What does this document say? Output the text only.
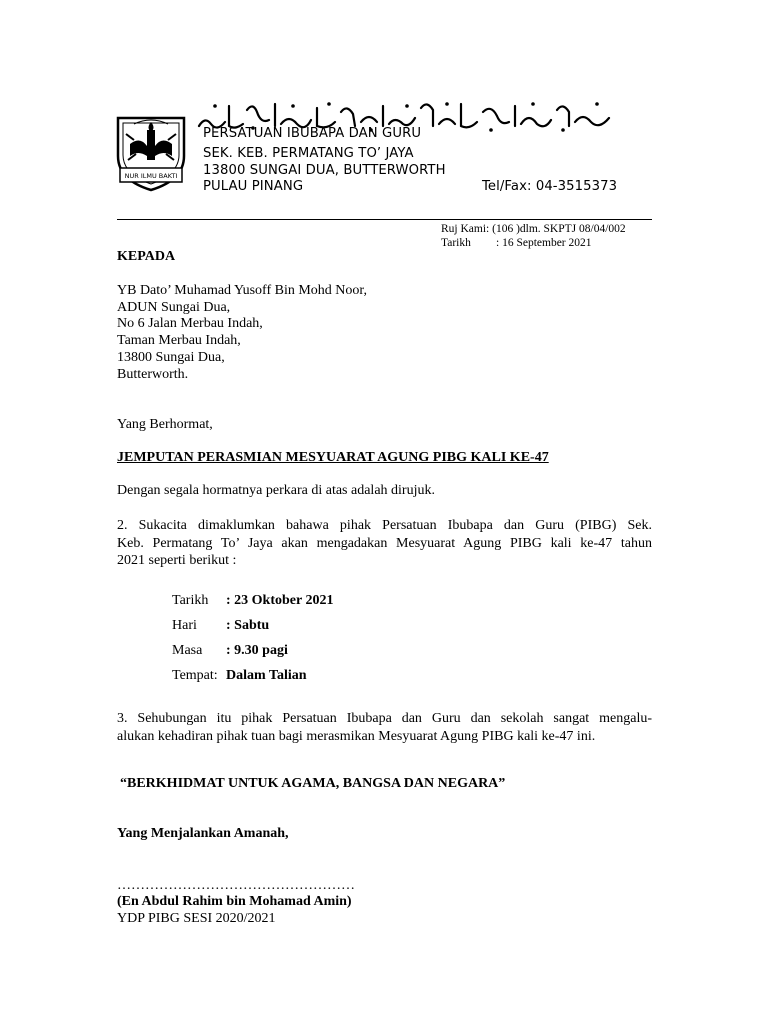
NUR ILMU BAKTI
PERSATUAN IBUBAPA DAN GURU
SEK. KEB. PERMATANG TO’ JAYA
13800 SUNGAI DUA, BUTTERWORTH
PULAU PINANG	Tel/Fax: 04-3515373
Ruj Kami: (106 )dlm. SKPTJ 08/04/002
Tarikh : 16 September 2021
KEPADA
YB Dato’ Muhamad Yusoff Bin Mohd Noor,
ADUN Sungai Dua,
No 6 Jalan Merbau Indah,
Taman Merbau Indah,
13800 Sungai Dua,
Butterworth.
Yang Berhormat,
JEMPUTAN PERASMIAN MESYUARAT AGUNG PIBG KALI KE-47
Dengan segala hormatnya perkara di atas adalah dirujuk.
2. Sukacita dimaklumkan bahawa pihak Persatuan Ibubapa dan Guru (PIBG) Sek.
Keb. Permatang To’ Jaya akan mengadakan Mesyuarat Agung PIBG kali ke-47 tahun
2021 seperti berikut :
Tarikh : 23 Oktober 2021
Hari : Sabtu
Masa : 9.30 pagi
Tempat: Dalam Talian
3. Sehubungan itu pihak Persatuan Ibubapa dan Guru dan sekolah sangat mengalu-
alukan kehadiran pihak tuan bagi merasmikan Mesyuarat Agung PIBG kali ke-47 ini.
“BERKHIDMAT UNTUK AGAMA, BANGSA DAN NEGARA”
Yang Menjalankan Amanah,
……………………………………………
(En Abdul Rahim bin Mohamad Amin)
YDP PIBG SESI 2020/2021
